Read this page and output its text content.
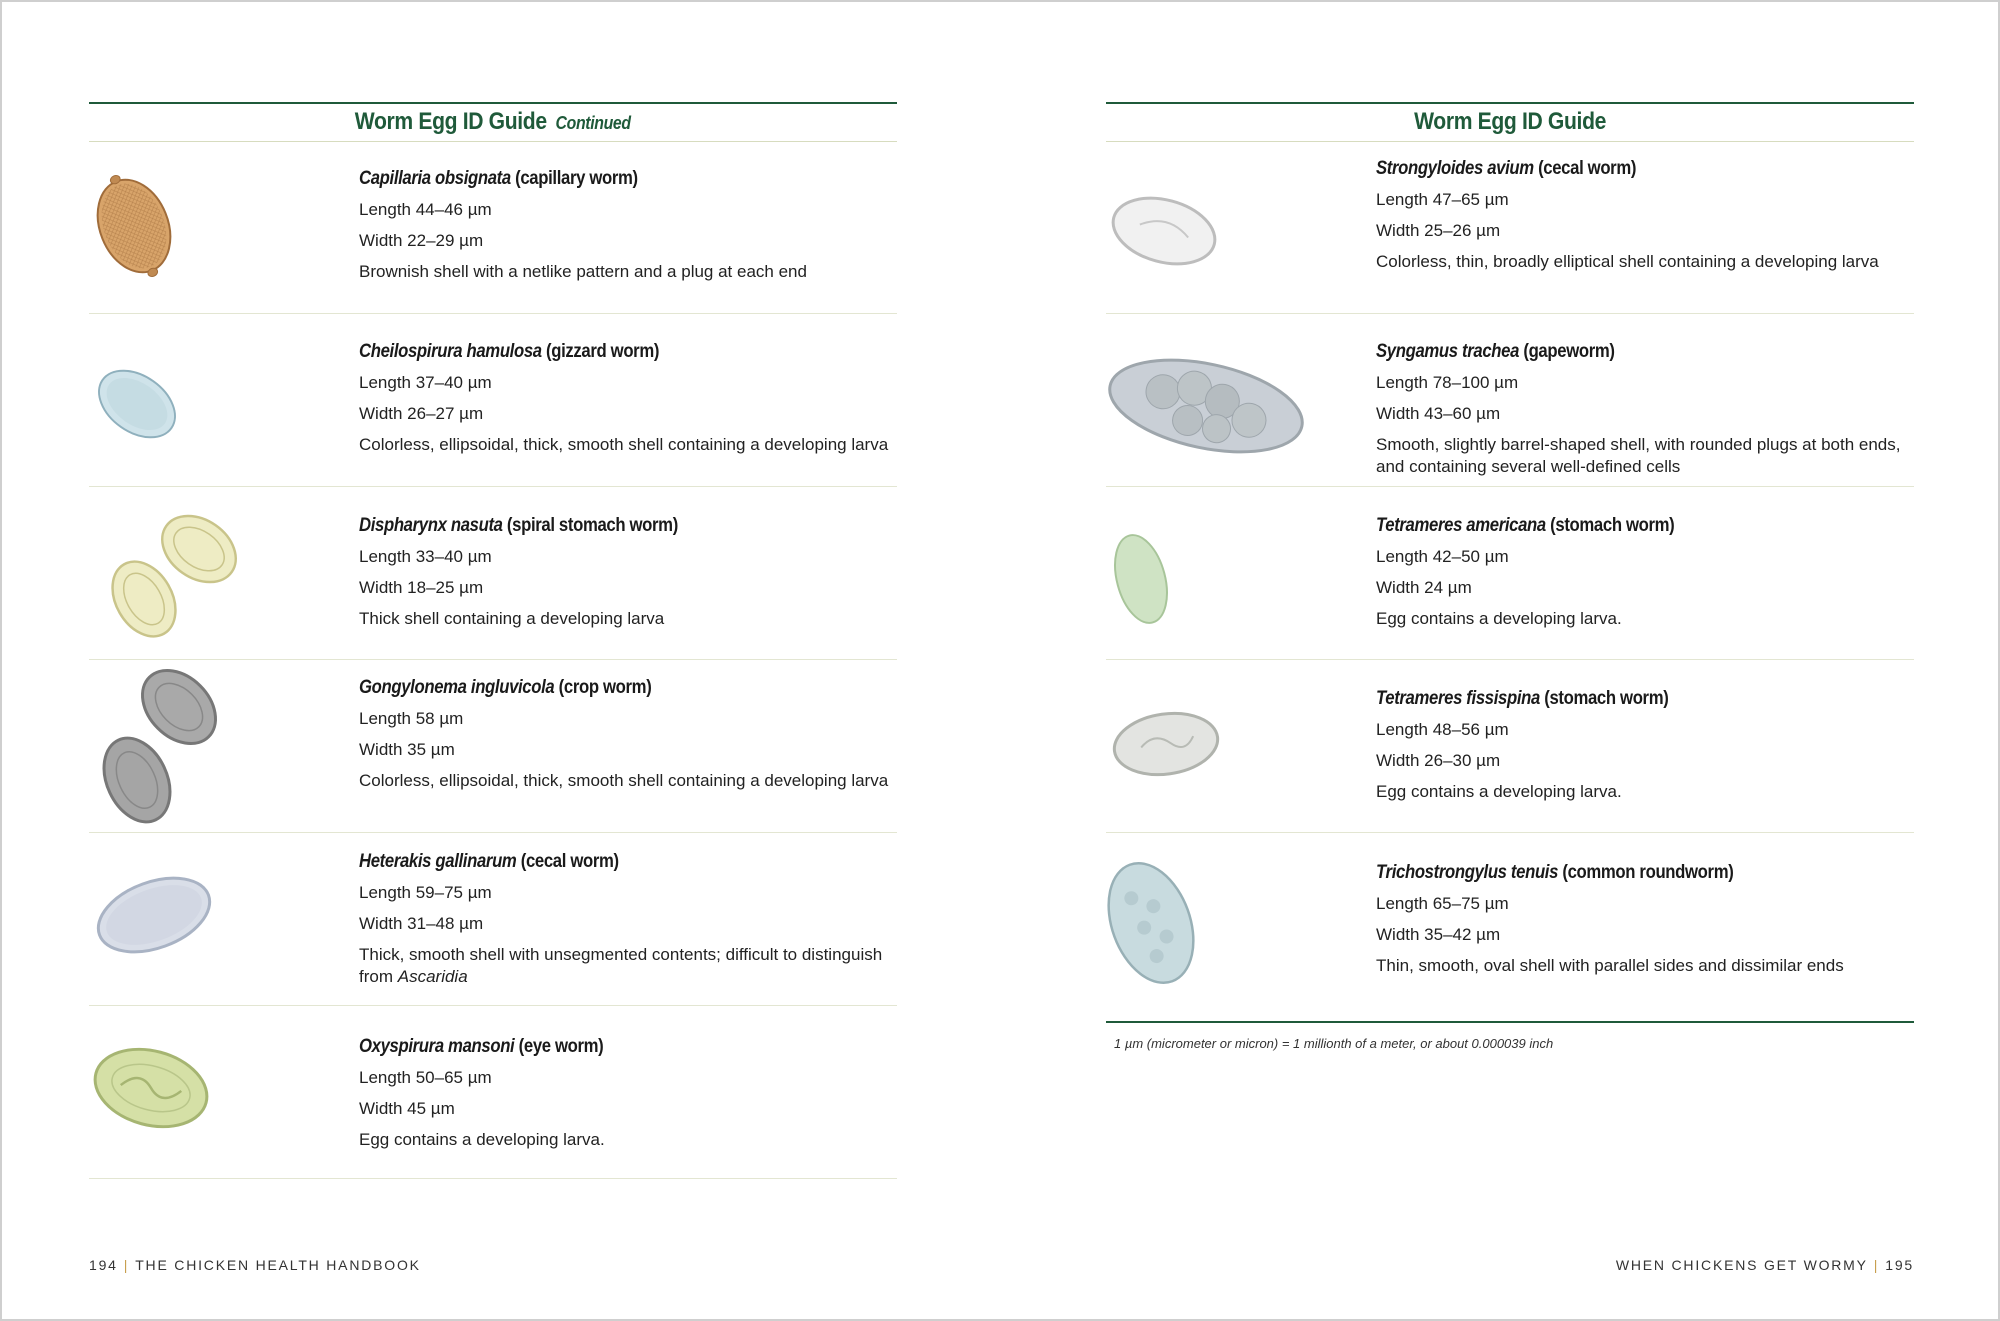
Worm Egg ID Guide Continued
Capillaria obsignata (capillary worm)
Length 44–46 µm
Width 22–29 µm
Brownish shell with a netlike pattern and a plug at each end
Cheilospirura hamulosa (gizzard worm)
Length 37–40 µm
Width 26–27 µm
Colorless, ellipsoidal, thick, smooth shell containing a developing larva
Dispharynx nasuta (spiral stomach worm)
Length 33–40 µm
Width 18–25 µm
Thick shell containing a developing larva
Gongylonema ingluvicola (crop worm)
Length 58 µm
Width 35 µm
Colorless, ellipsoidal, thick, smooth shell containing a developing larva
Heterakis gallinarum (cecal worm)
Length 59–75 µm
Width 31–48 µm
Thick, smooth shell with unsegmented contents; difficult to distinguish from Ascaridia
Oxyspirura mansoni (eye worm)
Length 50–65 µm
Width 45 µm
Egg contains a developing larva.
194 | THE CHICKEN HEALTH HANDBOOK
Worm Egg ID Guide
Strongyloides avium (cecal worm)
Length 47–65 µm
Width 25–26 µm
Colorless, thin, broadly elliptical shell containing a developing larva
Syngamus trachea (gapeworm)
Length 78–100 µm
Width 43–60 µm
Smooth, slightly barrel-shaped shell, with rounded plugs at both ends, and containing several well-defined cells
Tetrameres americana (stomach worm)
Length 42–50 µm
Width 24 µm
Egg contains a developing larva.
Tetrameres fissispina (stomach worm)
Length 48–56 µm
Width 26–30 µm
Egg contains a developing larva.
Trichostrongylus tenuis (common roundworm)
Length 65–75 µm
Width 35–42 µm
Thin, smooth, oval shell with parallel sides and dissimilar ends
1 µm (micrometer or micron) = 1 millionth of a meter, or about 0.000039 inch
WHEN CHICKENS GET WORMY | 195
